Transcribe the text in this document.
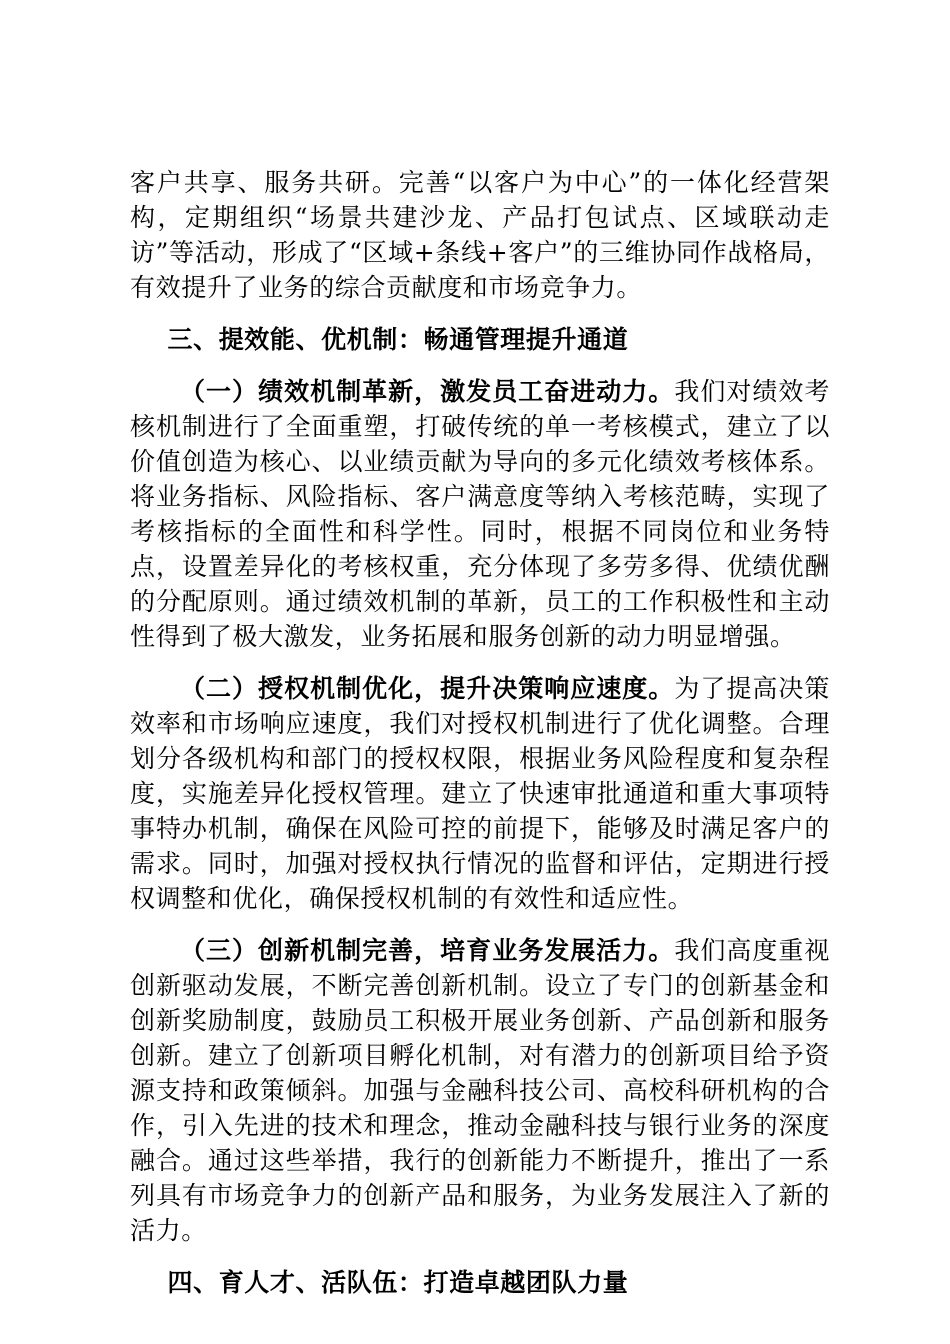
客户共享、服务共研。完善“以客户为中心”的一体化经营架构，定期组织“场景共建沙龙、产品打包试点、区域联动走访”等活动，形成了“区域+条线+客户”的三维协同作战格局，有效提升了业务的综合贡献度和市场竞争力。

三、提效能、优机制：畅通管理提升通道

（一）绩效机制革新，激发员工奋进动力。我们对绩效考核机制进行了全面重塑，打破传统的单一考核模式，建立了以价值创造为核心、以业绩贡献为导向的多元化绩效考核体系。将业务指标、风险指标、客户满意度等纳入考核范畴，实现了考核指标的全面性和科学性。同时，根据不同岗位和业务特点，设置差异化的考核权重，充分体现了多劳多得、优绩优酬的分配原则。通过绩效机制的革新，员工的工作积极性和主动性得到了极大激发，业务拓展和服务创新的动力明显增强。

（二）授权机制优化，提升决策响应速度。为了提高决策效率和市场响应速度，我们对授权机制进行了优化调整。合理划分各级机构和部门的授权权限，根据业务风险程度和复杂程度，实施差异化授权管理。建立了快速审批通道和重大事项特事特办机制，确保在风险可控的前提下，能够及时满足客户的需求。同时，加强对授权执行情况的监督和评估，定期进行授权调整和优化，确保授权机制的有效性和适应性。

（三）创新机制完善，培育业务发展活力。我们高度重视创新驱动发展，不断完善创新机制。设立了专门的创新基金和创新奖励制度，鼓励员工积极开展业务创新、产品创新和服务创新。建立了创新项目孵化机制，对有潜力的创新项目给予资源支持和政策倾斜。加强与金融科技公司、高校科研机构的合作，引入先进的技术和理念，推动金融科技与银行业务的深度融合。通过这些举措，我行的创新能力不断提升，推出了一系列具有市场竞争力的创新产品和服务，为业务发展注入了新的活力。

四、育人才、活队伍：打造卓越团队力量
